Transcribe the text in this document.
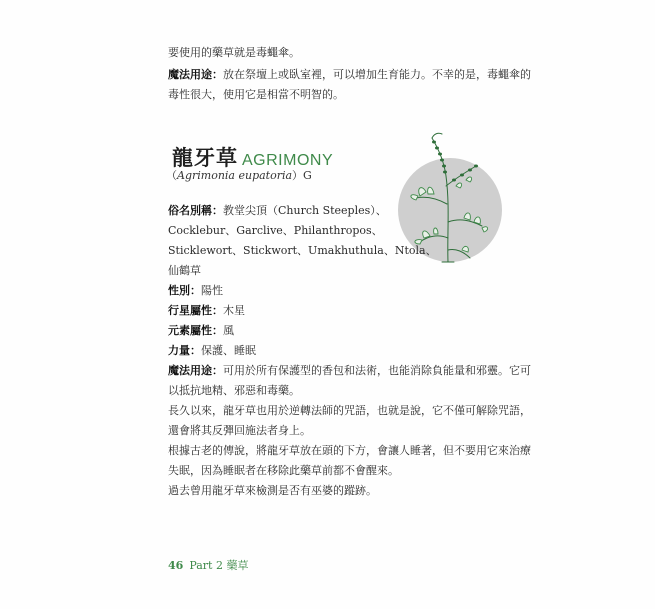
要使用的藥草就是毒蠅傘。
魔法用途：放在祭壇上或臥室裡，可以增加生育能力。不幸的是，毒蠅傘的
毒性很大，使用它是相當不明智的。
龍牙草 AGRIMONY
（Agrimonia eupatoria）G
俗名別稱：教堂尖頂（Church Steeples）、
Cocklebur、Garclive、Philanthropos、
Sticklewort、Stickwort、Umakhuthula、Ntola、
仙鶴草
性別：陽性
行星屬性：木星
元素屬性：風
力量：保護、睡眠
魔法用途：可用於所有保護型的香包和法術，也能消除負能量和邪靈。它可
以抵抗地精、邪惡和毒藥。
長久以來，龍牙草也用於逆轉法師的咒語，也就是說，它不僅可解除咒語，
還會將其反彈回施法者身上。
根據古老的傳說，將龍牙草放在頭的下方，會讓人睡著，但不要用它來治療
失眠，因為睡眠者在移除此藥草前都不會醒來。
過去曾用龍牙草來檢測是否有巫婆的蹤跡。
46 Part 2 藥草
